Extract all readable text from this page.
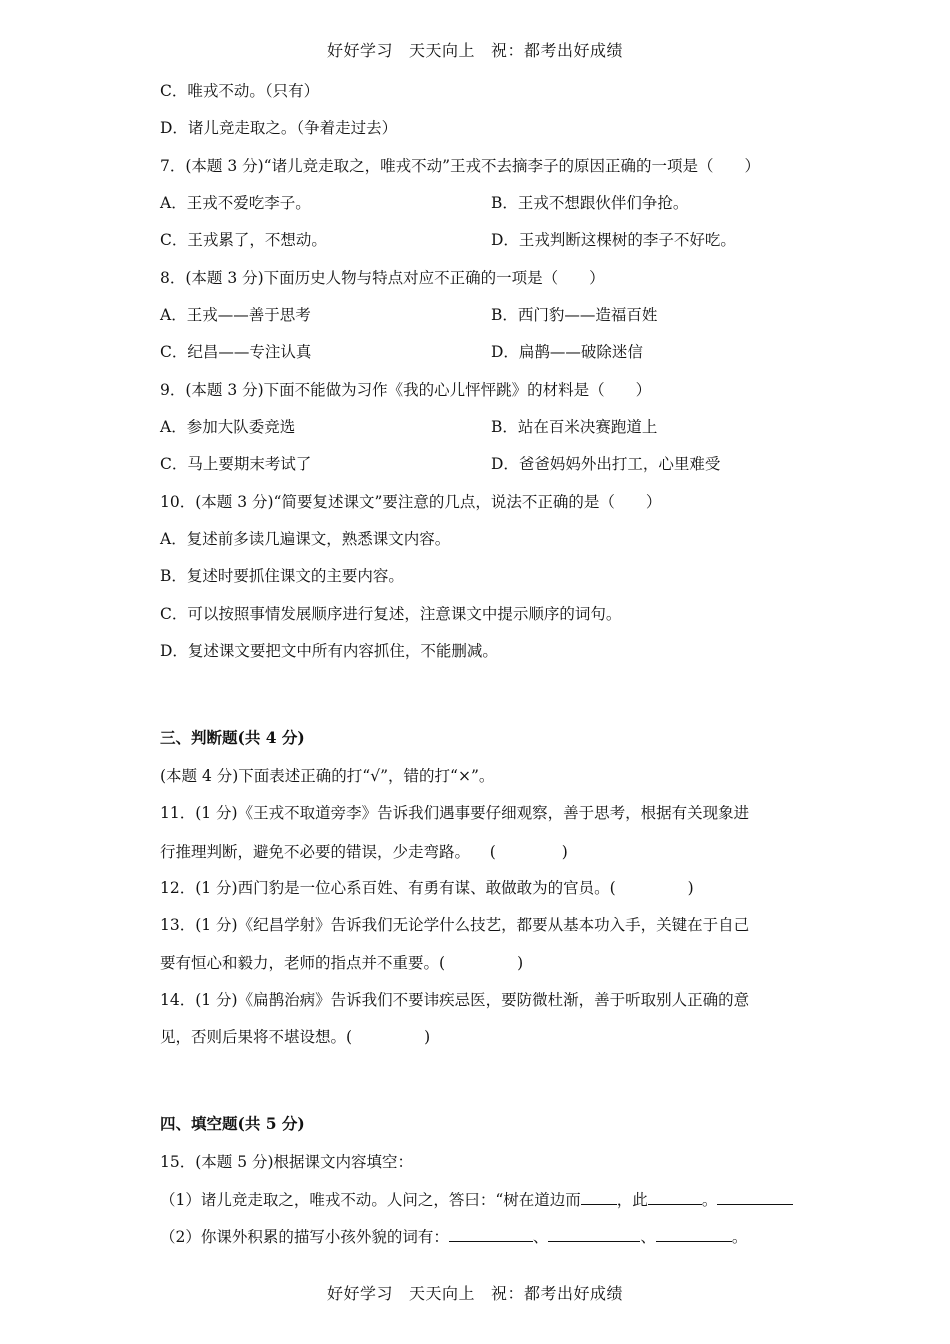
好好学习 天天向上 祝：都考出好成绩
C．唯戎不动。（只有）
D．诸儿竞走取之。（争着走过去）
7．(本题 3 分)“诸儿竞走取之，唯戎不动”王戎不去摘李子的原因正确的一项是（　　）
A．王戎不爱吃李子。	B．王戎不想跟伙伴们争抢。
C．王戎累了，不想动。	D．王戎判断这棵树的李子不好吃。
8．(本题 3 分)下面历史人物与特点对应不正确的一项是（　　）
A．王戎——善于思考	B．西门豹——造福百姓
C．纪昌——专注认真	D．扁鹊——破除迷信
9．(本题 3 分)下面不能做为习作《我的心儿怦怦跳》的材料是（　　）
A．参加大队委竞选	B．站在百米决赛跑道上
C．马上要期末考试了	D．爸爸妈妈外出打工，心里难受
10．(本题 3 分)“简要复述课文”要注意的几点，说法不正确的是（　　）
A．复述前多读几遍课文，熟悉课文内容。
B．复述时要抓住课文的主要内容。
C．可以按照事情发展顺序进行复述，注意课文中提示顺序的词句。
D．复述课文要把文中所有内容抓住，不能删减。
三、判断题(共 4 分)
(本题 4 分)下面表述正确的打“√”，错的打“×”。
11．(1 分)《王戎不取道旁李》告诉我们遇事要仔细观察，善于思考，根据有关现象进
行推理判断，避免不必要的错误，少走弯路。 (	)
12．(1 分)西门豹是一位心系百姓、有勇有谋、敢做敢为的官员。(	)
13．(1 分)《纪昌学射》告诉我们无论学什么技艺，都要从基本功入手，关键在于自己
要有恒心和毅力，老师的指点并不重要。(	)
14．(1 分)《扁鹊治病》告诉我们不要讳疾忌医，要防微杜渐，善于听取别人正确的意
见，否则后果将不堪设想。(	)
四、填空题(共 5 分)
15．(本题 5 分)根据课文内容填空：
（1）诸儿竞走取之，唯戎不动。人问之，答曰：“树在道边而 ，此	。
（2）你课外积累的描写小孩外貌的词有：	、	、	。
好好学习 天天向上 祝：都考出好成绩
